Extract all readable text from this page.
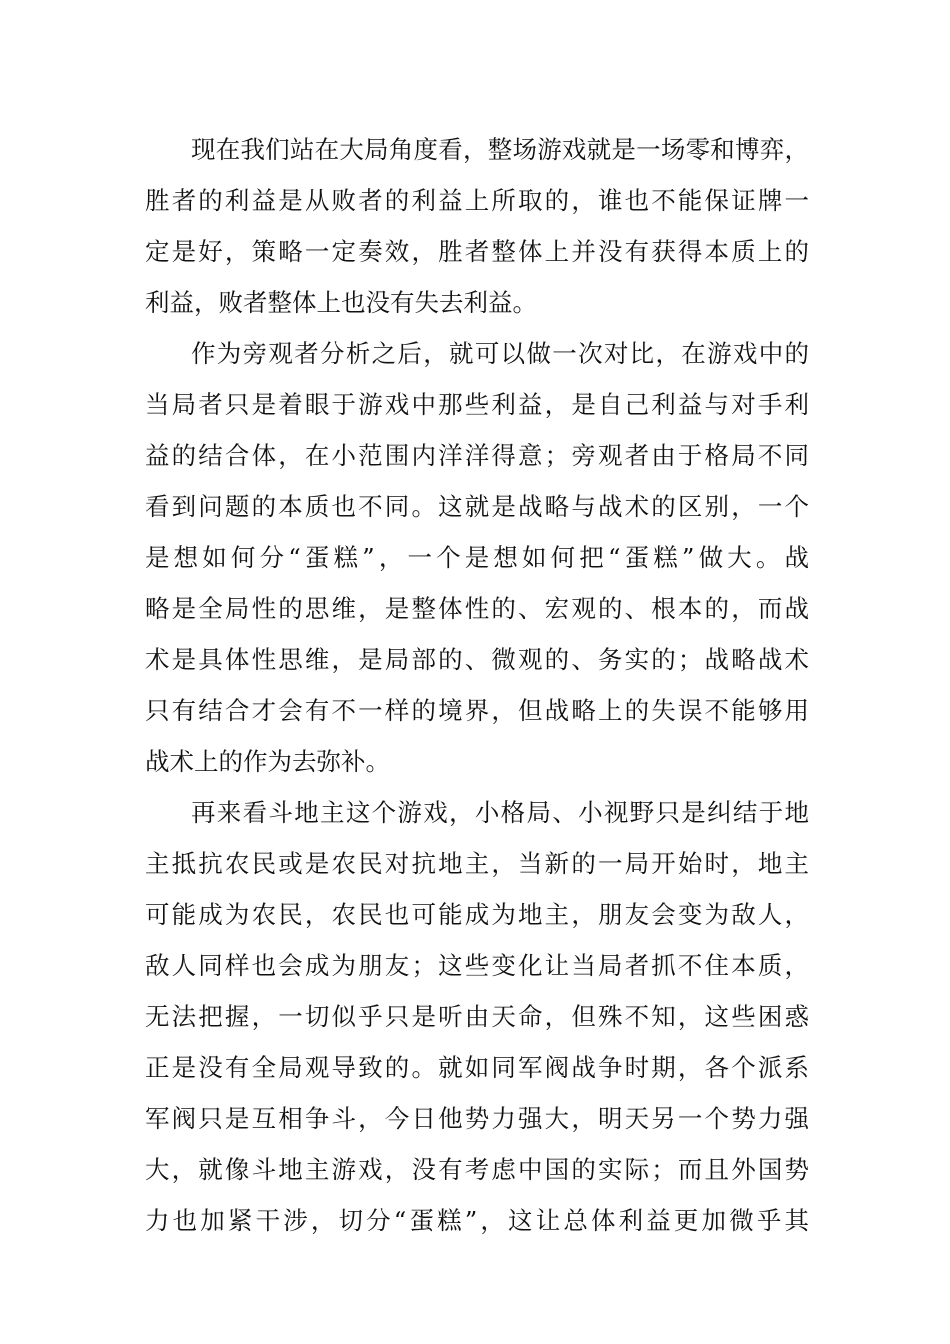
现在我们站在大局角度看，整场游戏就是一场零和博弈，
胜者的利益是从败者的利益上所取的，谁也不能保证牌一
定是好，策略一定奏效，胜者整体上并没有获得本质上的
利益，败者整体上也没有失去利益。
作为旁观者分析之后，就可以做一次对比，在游戏中的
当局者只是着眼于游戏中那些利益，是自己利益与对手利
益的结合体，在小范围内洋洋得意；旁观者由于格局不同
看到问题的本质也不同。这就是战略与战术的区别，一个
是想如何分“蛋糕”，一个是想如何把“蛋糕”做大。战
略是全局性的思维，是整体性的、宏观的、根本的，而战
术是具体性思维，是局部的、微观的、务实的；战略战术
只有结合才会有不一样的境界，但战略上的失误不能够用
战术上的作为去弥补。
再来看斗地主这个游戏，小格局、小视野只是纠结于地
主抵抗农民或是农民对抗地主，当新的一局开始时，地主
可能成为农民，农民也可能成为地主，朋友会变为敌人，
敌人同样也会成为朋友；这些变化让当局者抓不住本质，
无法把握，一切似乎只是听由天命，但殊不知，这些困惑
正是没有全局观导致的。就如同军阀战争时期，各个派系
军阀只是互相争斗，今日他势力强大，明天另一个势力强
大，就像斗地主游戏，没有考虑中国的实际；而且外国势
力也加紧干涉，切分“蛋糕”，这让总体利益更加微乎其
